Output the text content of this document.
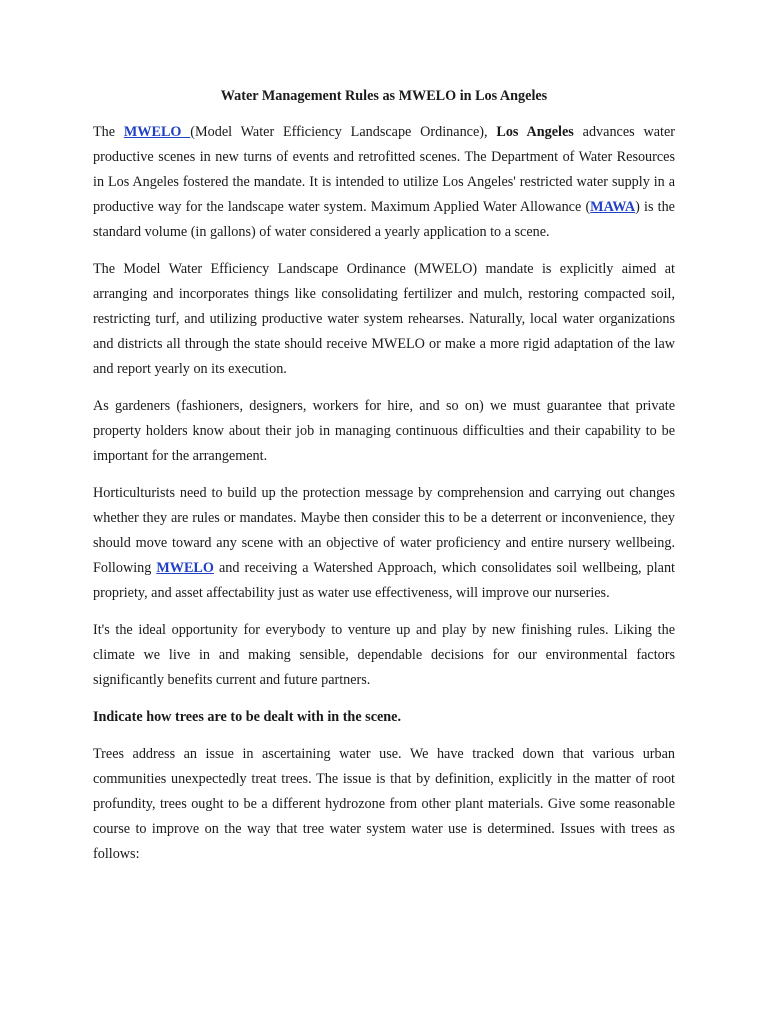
Water Management Rules as MWELO in Los Angeles

The MWELO (Model Water Efficiency Landscape Ordinance), Los Angeles advances water productive scenes in new turns of events and retrofitted scenes. The Department of Water Resources in Los Angeles fostered the mandate. It is intended to utilize Los Angeles' restricted water supply in a productive way for the landscape water system. Maximum Applied Water Allowance (MAWA) is the standard volume (in gallons) of water considered a yearly application to a scene.

The Model Water Efficiency Landscape Ordinance (MWELO) mandate is explicitly aimed at arranging and incorporates things like consolidating fertilizer and mulch, restoring compacted soil, restricting turf, and utilizing productive water system rehearses. Naturally, local water organizations and districts all through the state should receive MWELO or make a more rigid adaptation of the law and report yearly on its execution.

As gardeners (fashioners, designers, workers for hire, and so on) we must guarantee that private property holders know about their job in managing continuous difficulties and their capability to be important for the arrangement.

Horticulturists need to build up the protection message by comprehension and carrying out changes whether they are rules or mandates. Maybe then consider this to be a deterrent or inconvenience, they should move toward any scene with an objective of water proficiency and entire nursery wellbeing. Following MWELO and receiving a Watershed Approach, which consolidates soil wellbeing, plant propriety, and asset affectability just as water use effectiveness, will improve our nurseries.

It's the ideal opportunity for everybody to venture up and play by new finishing rules. Liking the climate we live in and making sensible, dependable decisions for our environmental factors significantly benefits current and future partners.

Indicate how trees are to be dealt with in the scene.

Trees address an issue in ascertaining water use. We have tracked down that various urban communities unexpectedly treat trees. The issue is that by definition, explicitly in the matter of root profundity, trees ought to be a different hydrozone from other plant materials. Give some reasonable course to improve on the way that tree water system water use is determined. Issues with trees as follows:
